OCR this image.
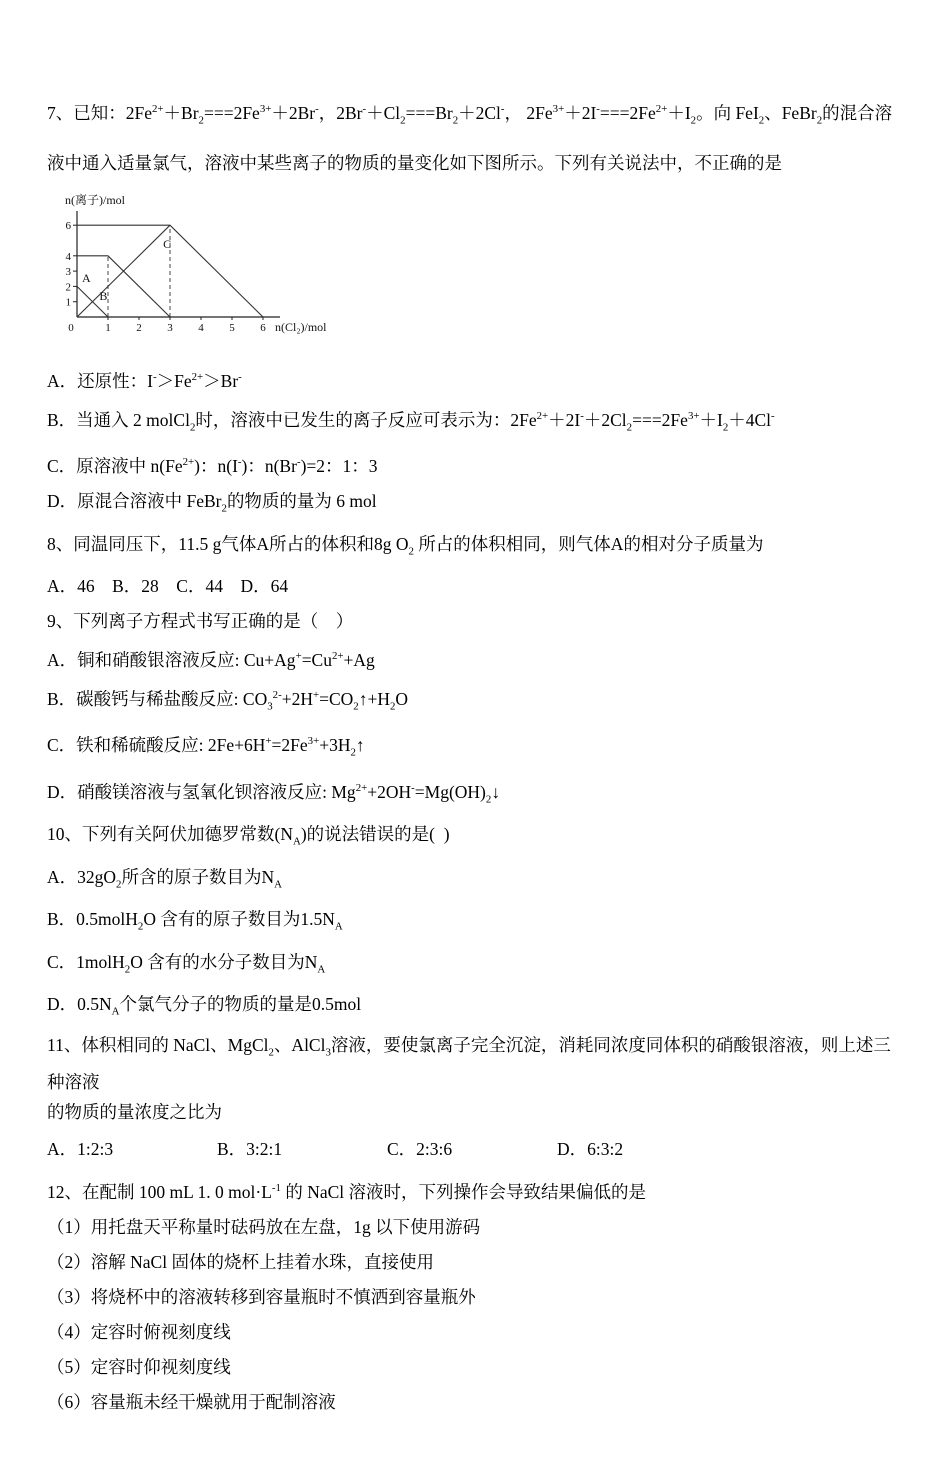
7、已知：$2Fe^{2+}+Br_2===2Fe^{3+}+2Br^-$，$2Br^-+Cl_2===Br_2+2Cl^-$， $2Fe^{3+}+2I^-===2Fe^{2+}+I_2$。向 FeI$_2$、FeBr$_2$的混合溶
液中通入适量氯气，溶液中某些离子的物质的量变化如下图所示。下列有关说法中，不正确的是
n(离子)/mol
n(Cl₂)/mol
1
2
3
4
6
0	1 2 3 4 5 6
A
B
C
A．还原性：$I^->Fe^{2+}>Br^-$
B．当通入 2 molCl$_2$时，溶液中已发生的离子反应可表示为：$2Fe^{2+}+2I^-+2Cl_2===2Fe^{3+}+I_2+4Cl^-$
C．原溶液中 $n(Fe^{2+})$：n(I-)：n(Br-)=2：1：3
D．原混合溶液中 FeBr$_2$的物质的量为 6 mol
8、同温同压下，11.5 g气体A所占的体积和8g $O_2$ 所占的体积相同，则气体A的相对分子质量为
A．46　B．28　C．44　D．64
9、下列离子方程式书写正确的是（　）
A．铜和硝酸银溶液反应: $Cu+Ag^+=Cu^{2+}+Ag$
B．碳酸钙与稀盐酸反应: $CO_3^{2-}+2H^+=CO_2↑+H_2O$
C．铁和稀硫酸反应: $2Fe+6H^+=2Fe^{3+}+3H_2↑$
D．硝酸镁溶液与氢氧化钡溶液反应: $Mg^{2+}+2OH^-=Mg(OH)_2↓$
10、下列有关阿伏加德罗常数$(N_A)$的说法错误的是(  )
A．$32gO_2$所含的原子数目为$N_A$
B．0.5molH$_2$O 含有的原子数目为$1.5N_A$
C．1molH$_2$O 含有的水分子数目为$N_A$
D．$0.5N_A$个氯气分子的物质的量是0.5mol
11、体积相同的 NaCl、MgCl$_2$、AlCl$_3$溶液，要使氯离子完全沉淀，消耗同浓度同体积的硝酸银溶液，则上述三种溶液
的物质的量浓度之比为
A．1:2:3	B．3:2:1	C．2:3:6	D．6:3:2
12、在配制 100 mL 1. 0 $mol\cdot L^{-1}$ 的 NaCl 溶液时，下列操作会导致结果偏低的是
（1）用托盘天平称量时砝码放在左盘，1g 以下使用游码
（2）溶解 NaCl 固体的烧杯上挂着水珠，直接使用
（3）将烧杯中的溶液转移到容量瓶时不慎洒到容量瓶外
（4）定容时俯视刻度线
（5）定容时仰视刻度线
（6）容量瓶未经干燥就用于配制溶液
